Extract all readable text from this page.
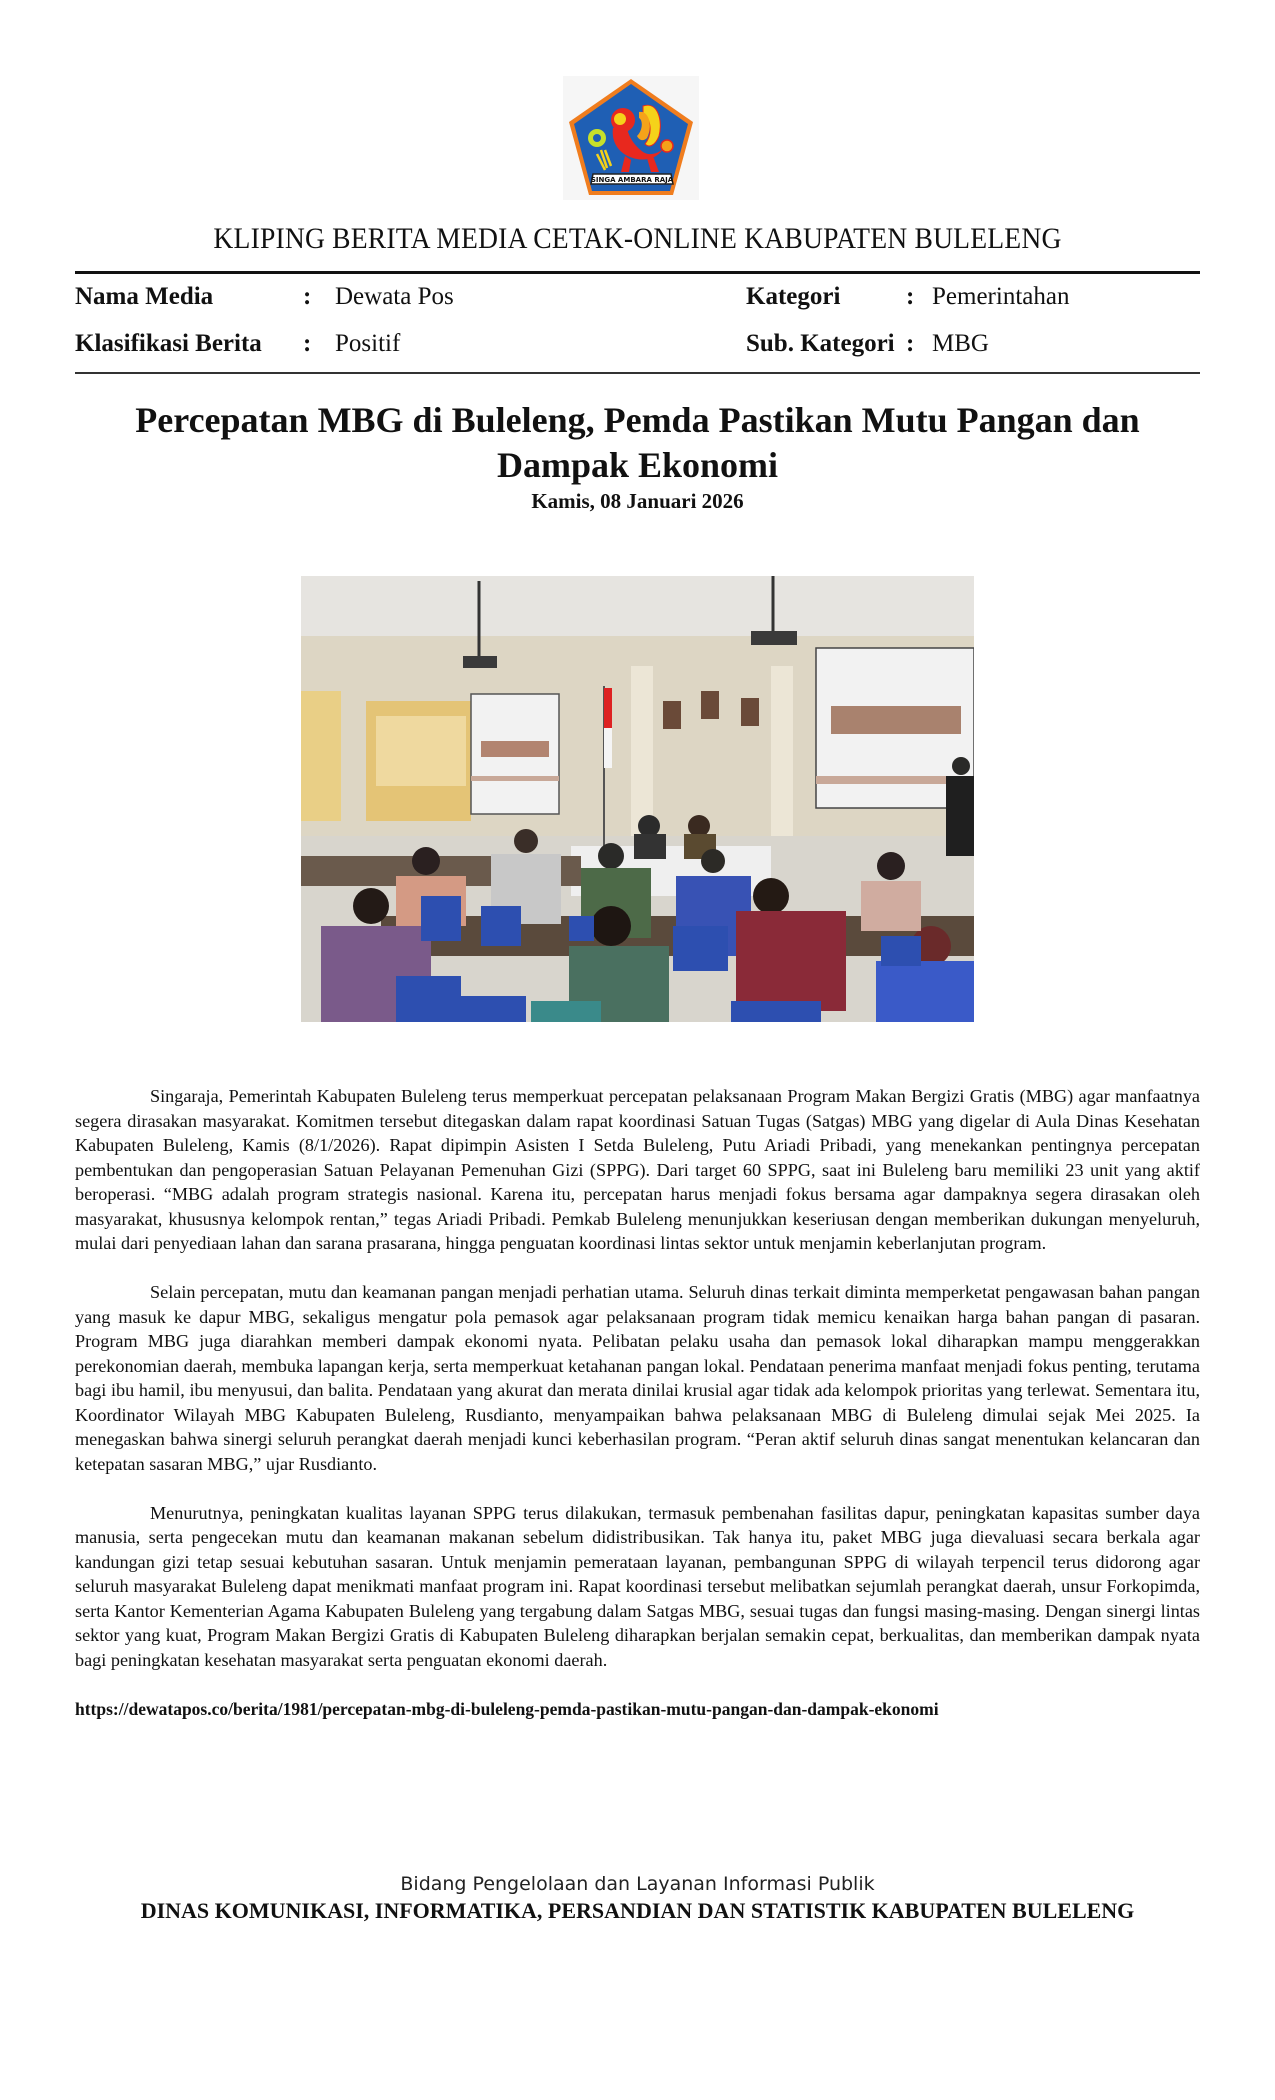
SINGA AMBARA RAJA
KLIPING BERITA MEDIA CETAK-ONLINE KABUPATEN BULELENG
Nama Media	: Dewata Pos
Klasifikasi Berita : Positif
Kategori	: Pemerintahan
Sub. Kategori : MBG
Percepatan MBG di Buleleng, Pemda Pastikan Mutu Pangan dan Dampak Ekonomi
Kamis, 08 Januari 2026

Singaraja, Pemerintah Kabupaten Buleleng terus memperkuat percepatan pelaksanaan Program Makan Bergizi Gratis (MBG) agar manfaatnya segera dirasakan masyarakat. Komitmen tersebut ditegaskan dalam rapat koordinasi Satuan Tugas (Satgas) MBG yang digelar di Aula Dinas Kesehatan Kabupaten Buleleng, Kamis (8/1/2026). Rapat dipimpin Asisten I Setda Buleleng, Putu Ariadi Pribadi, yang menekankan pentingnya percepatan pembentukan dan pengoperasian Satuan Pelayanan Pemenuhan Gizi (SPPG). Dari target 60 SPPG, saat ini Buleleng baru memiliki 23 unit yang aktif beroperasi. “MBG adalah program strategis nasional. Karena itu, percepatan harus menjadi fokus bersama agar dampaknya segera dirasakan oleh masyarakat, khususnya kelompok rentan,” tegas Ariadi Pribadi. Pemkab Buleleng menunjukkan keseriusan dengan memberikan dukungan menyeluruh, mulai dari penyediaan lahan dan sarana prasarana, hingga penguatan koordinasi lintas sektor untuk menjamin keberlanjutan program.

Selain percepatan, mutu dan keamanan pangan menjadi perhatian utama. Seluruh dinas terkait diminta memperketat pengawasan bahan pangan yang masuk ke dapur MBG, sekaligus mengatur pola pemasok agar pelaksanaan program tidak memicu kenaikan harga bahan pangan di pasaran. Program MBG juga diarahkan memberi dampak ekonomi nyata. Pelibatan pelaku usaha dan pemasok lokal diharapkan mampu menggerakkan perekonomian daerah, membuka lapangan kerja, serta memperkuat ketahanan pangan lokal. Pendataan penerima manfaat menjadi fokus penting, terutama bagi ibu hamil, ibu menyusui, dan balita. Pendataan yang akurat dan merata dinilai krusial agar tidak ada kelompok prioritas yang terlewat. Sementara itu, Koordinator Wilayah MBG Kabupaten Buleleng, Rusdianto, menyampaikan bahwa pelaksanaan MBG di Buleleng dimulai sejak Mei 2025. Ia menegaskan bahwa sinergi seluruh perangkat daerah menjadi kunci keberhasilan program. “Peran aktif seluruh dinas sangat menentukan kelancaran dan ketepatan sasaran MBG,” ujar Rusdianto.

Menurutnya, peningkatan kualitas layanan SPPG terus dilakukan, termasuk pembenahan fasilitas dapur, peningkatan kapasitas sumber daya manusia, serta pengecekan mutu dan keamanan makanan sebelum didistribusikan. Tak hanya itu, paket MBG juga dievaluasi secara berkala agar kandungan gizi tetap sesuai kebutuhan sasaran. Untuk menjamin pemerataan layanan, pembangunan SPPG di wilayah terpencil terus didorong agar seluruh masyarakat Buleleng dapat menikmati manfaat program ini. Rapat koordinasi tersebut melibatkan sejumlah perangkat daerah, unsur Forkopimda, serta Kantor Kementerian Agama Kabupaten Buleleng yang tergabung dalam Satgas MBG, sesuai tugas dan fungsi masing-masing. Dengan sinergi lintas sektor yang kuat, Program Makan Bergizi Gratis di Kabupaten Buleleng diharapkan berjalan semakin cepat, berkualitas, dan memberikan dampak nyata bagi peningkatan kesehatan masyarakat serta penguatan ekonomi daerah.

https://dewatapos.co/berita/1981/percepatan-mbg-di-buleleng-pemda-pastikan-mutu-pangan-dan-dampak-ekonomi
Bidang Pengelolaan dan Layanan Informasi Publik
DINAS KOMUNIKASI, INFORMATIKA, PERSANDIAN DAN STATISTIK KABUPATEN BULELENG
